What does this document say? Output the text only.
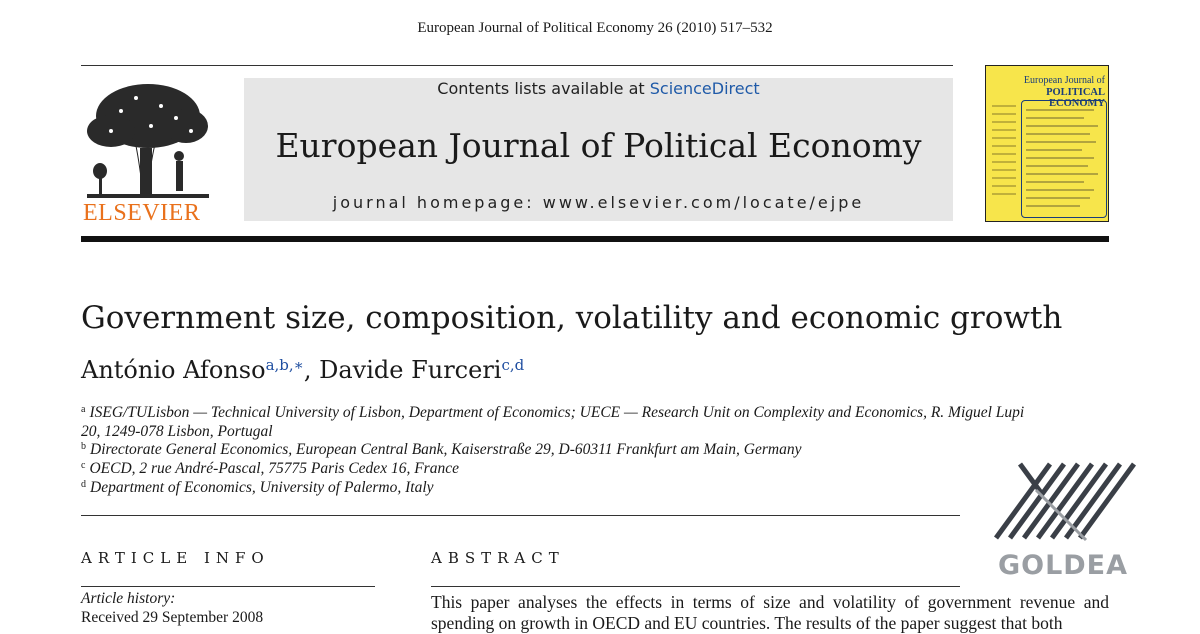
European Journal of Political Economy 26 (2010) 517–532
ELSEVIER
Contents lists available at ScienceDirect
European Journal of Political Economy
journal homepage: www.elsevier.com/locate/ejpe
European Journal of
POLITICAL ECONOMY
Government size, composition, volatility and economic growth
António Afonso$^{a,b,∗}$, Davide Furceri$^{c,d}$
$^a$ ISEG/TULisbon — Technical University of Lisbon, Department of Economics; UECE — Research Unit on Complexity and Economics, R. Miguel Lupi 20, 1249-078 Lisbon, Portugal
$^b$ Directorate General Economics, European Central Bank, Kaiserstraße 29, D-60311 Frankfurt am Main, Germany
$^c$ OECD, 2 rue André-Pascal, 75775 Paris Cedex 16, France
$^d$ Department of Economics, University of Palermo, Italy
ARTICLE INFO
Article history:
Received 29 September 2008
ABSTRACT
This paper analyses the effects in terms of size and volatility of government revenue and spending on growth in OECD and EU countries. The results of the paper suggest that both
GOLDEA
